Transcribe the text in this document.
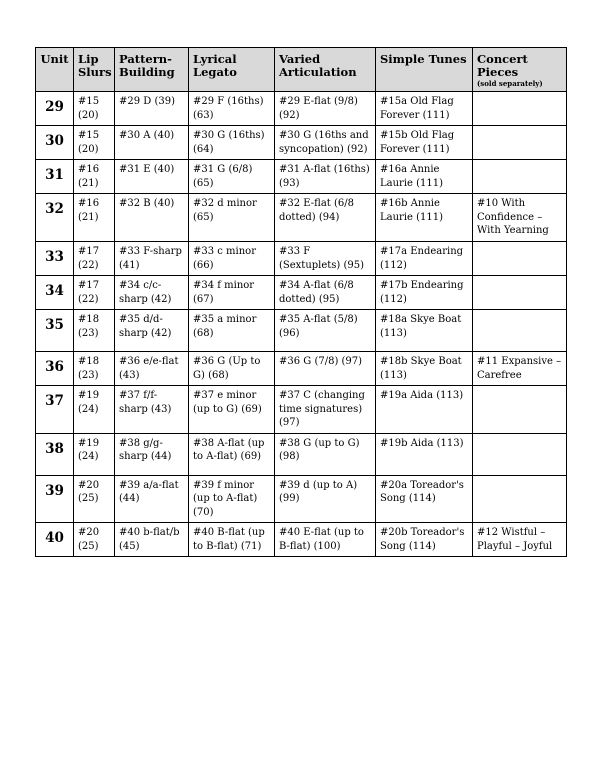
Unit	Lip Slurs	Pattern-Building	Lyrical Legato	Varied Articulation	Simple Tunes	Concert Pieces
(sold separately)

29	#15 (20)	#29 D (39)	#29 F (16ths) (63)	#29 E-flat (9/8) (92)	#15a Old Flag Forever (111)	
30	#15 (20)	#30 A (40)	#30 G (16ths) (64)	#30 G (16ths and syncopation) (92)	#15b Old Flag Forever (111)	
31	#16 (21)	#31 E (40)	#31 G (6/8) (65)	#31 A-flat (16ths) (93)	#16a Annie Laurie (111)	
32	#16 (21)	#32 B (40)	#32 d minor (65)	#32 E-flat (6/8 dotted) (94)	#16b Annie Laurie (111)	#10 With Confidence – With Yearning
33	#17 (22)	#33 F-sharp (41)	#33 c minor (66)	#33 F (Sextuplets) (95)	#17a Endearing (112)	
34	#17 (22)	#34 c/c-sharp (42)	#34 f minor (67)	#34 A-flat (6/8 dotted) (95)	#17b Endearing (112)	
35	#18 (23)	#35 d/d-sharp (42)	#35 a minor (68)	#35 A-flat (5/8) (96)	#18a Skye Boat (113)	
36	#18 (23)	#36 e/e-flat (43)	#36 G (Up to G) (68)	#36 G (7/8) (97)	#18b Skye Boat (113)	#11 Expansive – Carefree
37	#19 (24)	#37 f/f-sharp (43)	#37 e minor (up to G) (69)	#37 C (changing time signatures) (97)	#19a Aida (113)	
38	#19 (24)	#38 g/g-sharp (44)	#38 A-flat (up to A-flat) (69)	#38 G (up to G) (98)	#19b Aida (113)	
39	#20 (25)	#39 a/a-flat (44)	#39 f minor (up to A-flat) (70)	#39 d (up to A) (99)	#20a Toreador's Song (114)	
40	#20 (25)	#40 b-flat/b (45)	#40 B-flat (up to B-flat) (71)	#40 E-flat (up to B-flat) (100)	#20b Toreador's Song (114)	#12 Wistful – Playful – Joyful
